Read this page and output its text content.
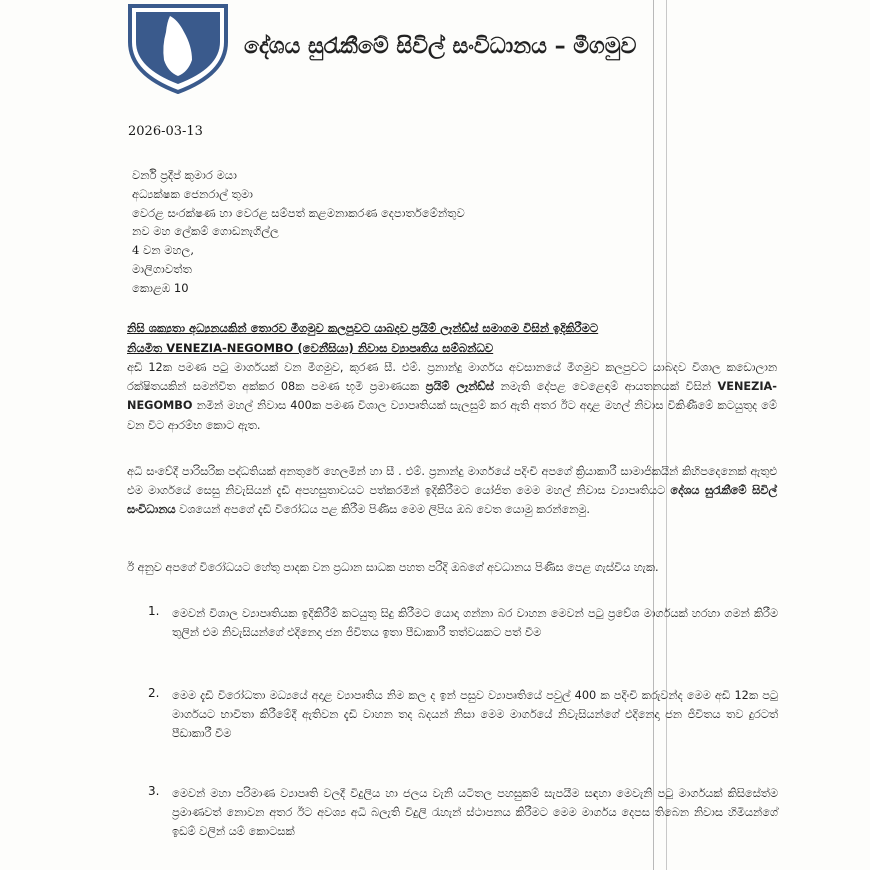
දේශය සුරැකීමේ සිවිල් සංවිධානය – මීගමුව
2026-03-13
වර්නි ප්‍රදීප් කුමාර මයා
අධ්‍යක්ෂක ජෙනරාල් තුමා
වෙරළ සංරක්ෂණ හා වෙරළ සම්පත් කළමනාකරණ දෙපාර්තමේන්තුව
නව මහ ලේකම් ගොඩනැගිල්ල
4 වන මහල,
මාලිගාවත්ත
කොළඹ 10
නිසි ශක්‍යතා අධ්‍යනයකින් තොරව මීගමුව කලපුවට යාබදව ප්‍රයිම් ලෑන්ඩ්ස් සමාගම විසින් ඉදිකිරීමට
නියමිත VENEZIA-NEGOMBO (වෙනීසියා) නිවාස ව්‍යාපෘතිය සම්බන්ධව
අඩි 12ක පමණ පටු මාර්ගයක් වන මීගමුව, කුරණ සී. එම්. ප්‍රනාන්දු මාර්ගය අවසානයේ මීගමුව කලපුවට යාබදව විශාල කඩොලාන රක්ෂිතයකින් සමන්විත අක්කර 08ක පමණ භූමි ප්‍රමාණයක ප්‍රයිම් ලෑන්ඩ්ස් නමැති දේපළ වෙළෙඳාම් ආයතනයක් විසින් VENEZIA-NEGOMBO නමින් මහල් නිවාස 400ක පමණ විශාල ව්‍යාපෘතියක් සැලසුම් කර ඇති අතර ඊට අදාළ මහල් නිවාස විකිණීමේ කටයුතුද මේ වන විට ආරම්භ කොට ඇත.
අධි සංවේදී පාරිසරික පද්ධතියක් අනතුරේ හෙලමින් හා සී . එම්. ප්‍රනාන්දු මාර්ගයේ පදිංචි අපගේ ක්‍රියාකාරී සාමාජිකයින් කිහිපදෙනෙක් ඇතුළු එම මාර්ගයේ සෙසු නිවැසියන් දැඩි අපහසුතාවයට පත්කරමින් ඉදිකිරීමට යෝජිත මෙම මහල් නිවාස ව්‍යාපෘතියට දේශය සුරැකීමේ සිවිල් සංවිධානය වශයෙන් අපගේ දැඩි විරෝධය පළ කිරීම පිණිස මෙම ලිපිය ඔබ වෙත යොමු කරන්නෙමු.
ඊ අනුව අපගේ විරෝධයට හේතු පාදක වන ප්‍රධාන සාධක පහත පරිදි ඔබගේ අවධානය පිණිස පෙළ ගැස්විය හැක.
1. මෙවන් විශාල ව්‍යාපෘතියක ඉදිකිරීම් කටයුතු සිදු කිරීමට යොදා ගන්නා බර වාහන මෙවන් පටු ප්‍රවේශ මාර්ගයක් හරහා ගමන් කිරීම තුලින් එම නිවැසියන්ගේ එදිනෙදා ජන ජීවිතය ඉතා පීඩාකාරී තත්වයකට පත් වීම
2. මෙම දැඩි විරෝධතා මධ්‍යයේ අදාළ ව්‍යාපෘතිය නිම කල ද ඉන් පසුව ව්‍යාපෘතියේ පවුල් 400 ක පදිංචි කරුවන්ද මෙම අඩි 12ක පටු මාර්ගයට භාවිතා කිරීමේදී ඇතිවන දැඩි වාහන තද බදයන් නිසා මෙම මාර්ගයේ නිවැසියන්ගේ එදිනෙදා ජන ජීවිතය තව දුරටත් පීඩාකාරී වීම
3. මෙවන් මහා පරිමාණ ව්‍යාපෘති වලදී විදුලිය හා ජලය වැනි යටිතල පහසුකම් සැපයීම සඳහා මෙවැනි පටු මාර්ගයක් කිසිසේත්ම ප්‍රමාණවත් නොවන අතර ඊට අවශ්‍ය අධි බලැති විදුලි රැහැන් ස්ථාපනය කිරීමට මෙම මාර්ගය දෙපස තිබෙන නිවාස හිමියන්ගේ ඉඩම් වලින් යම් කොටසක්
